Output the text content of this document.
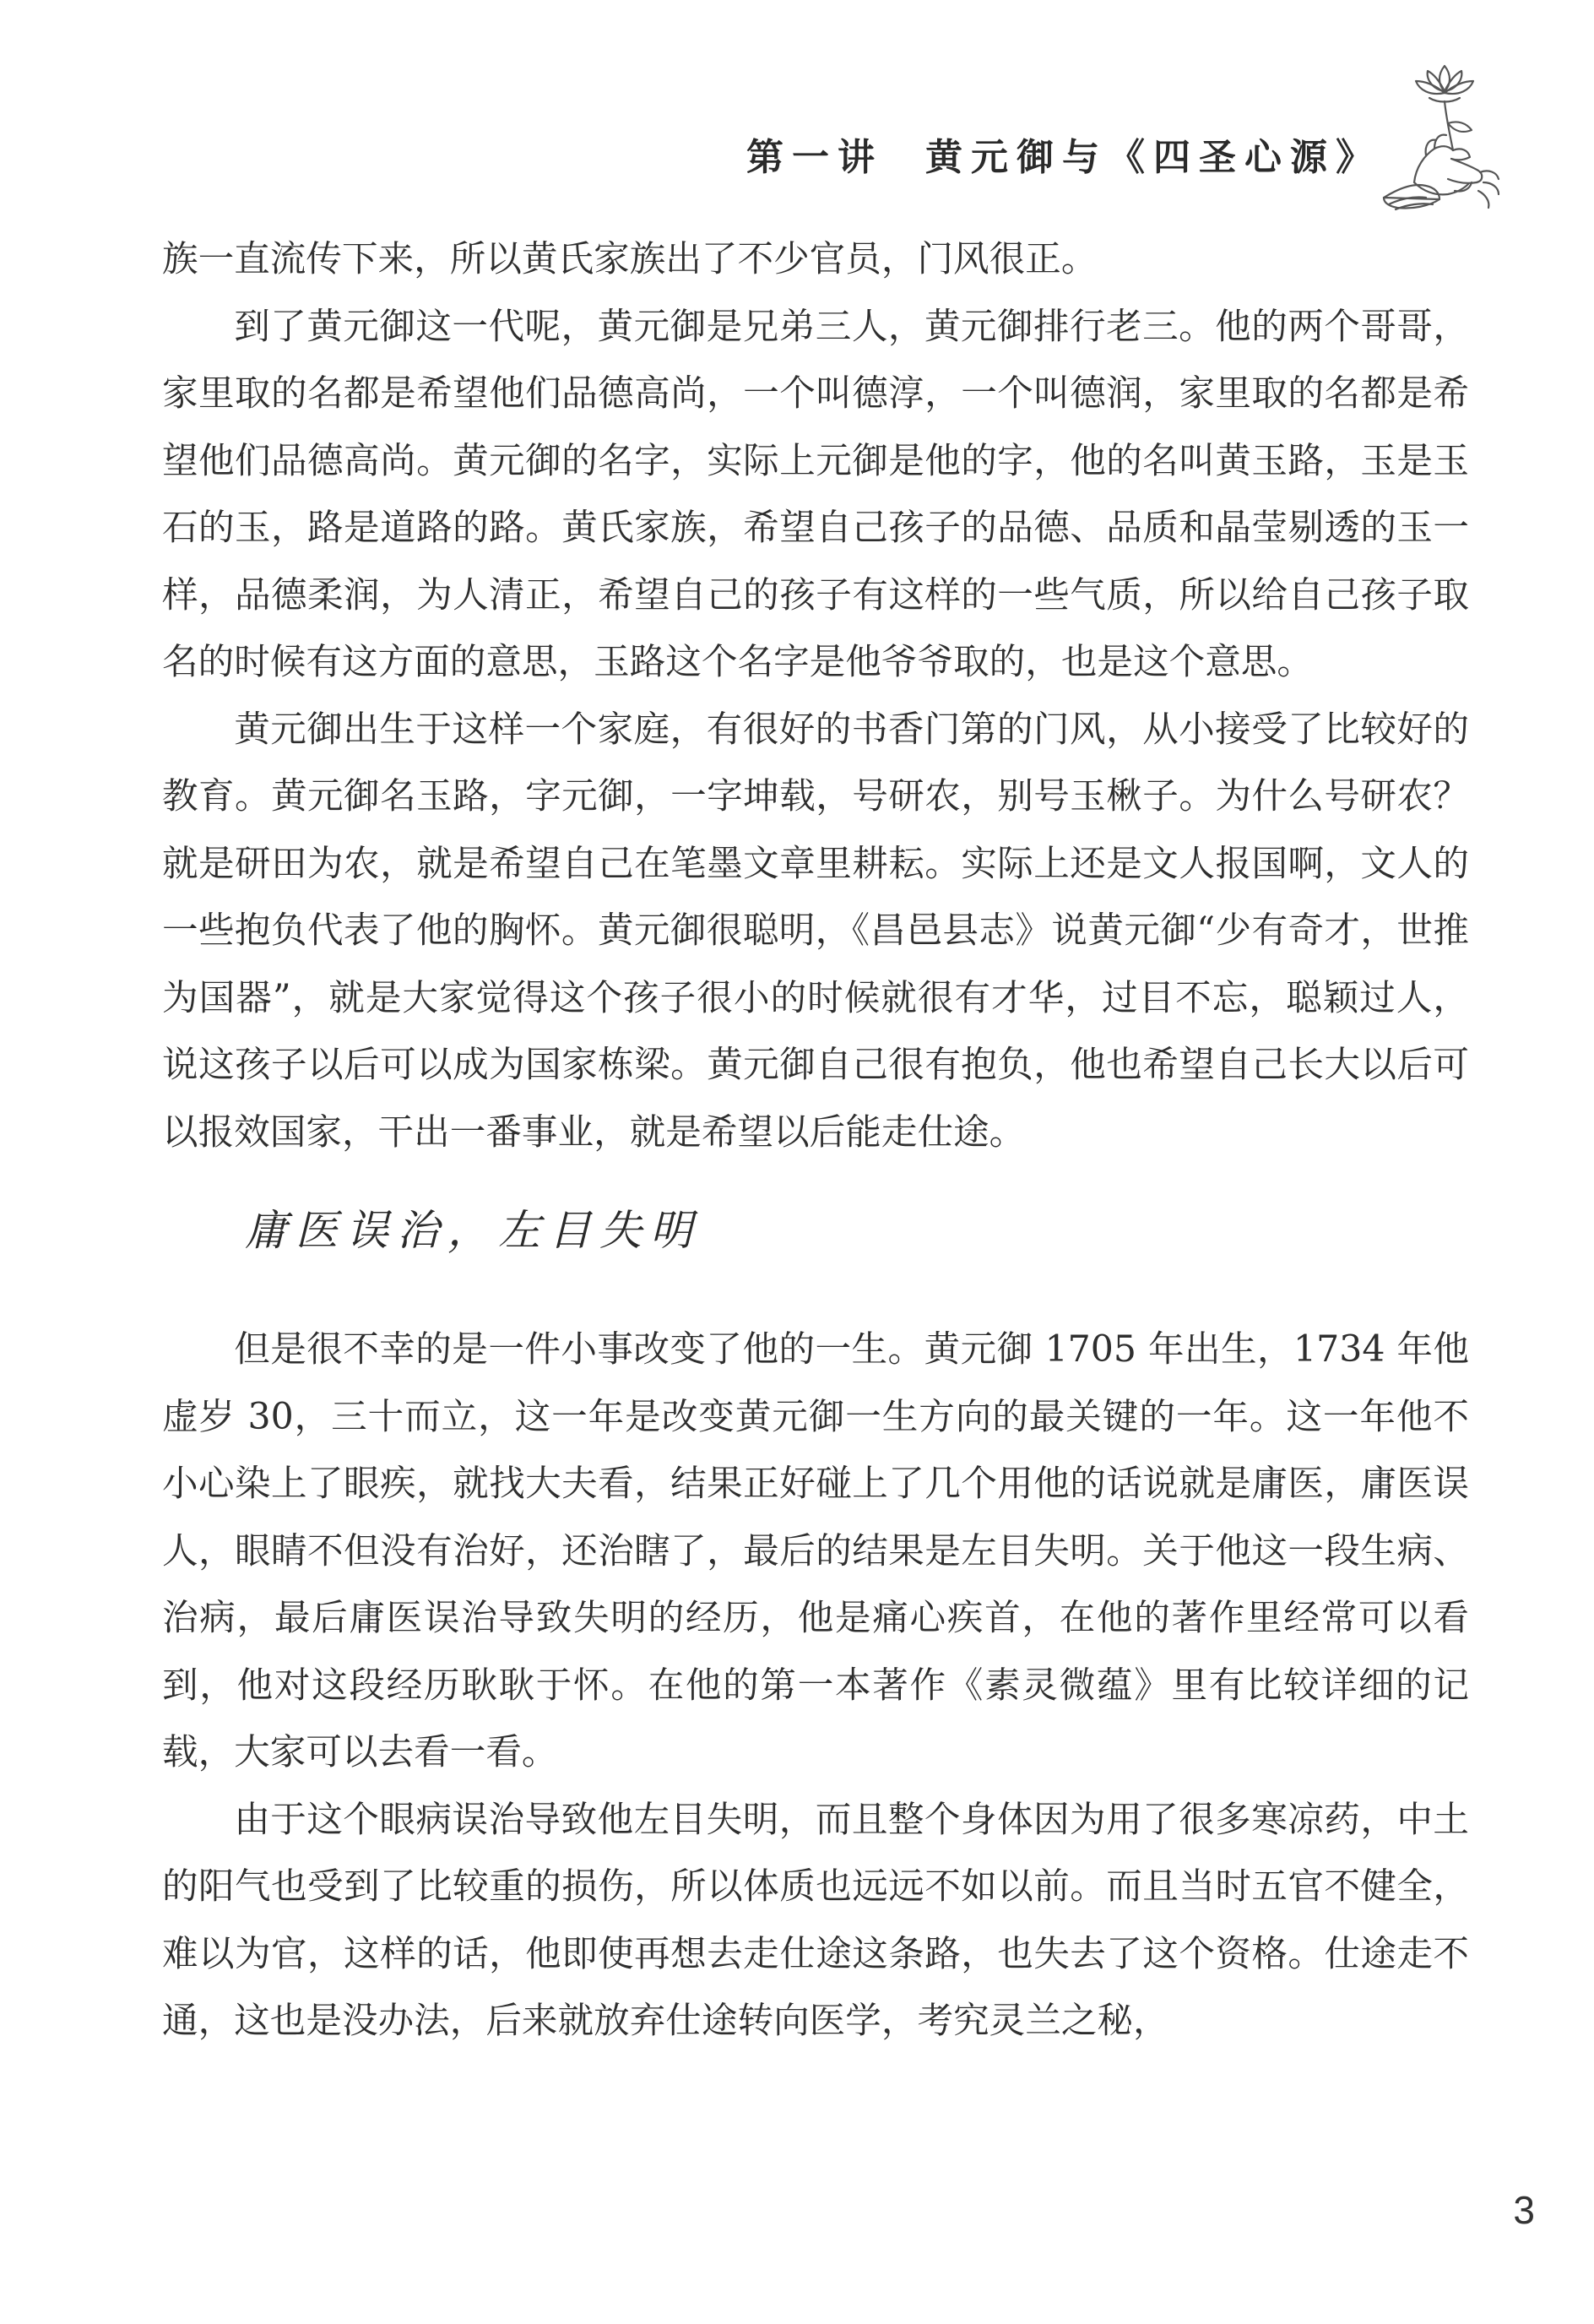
第一讲 黄元御与《四圣心源》

族一直流传下来，所以黄氏家族出了不少官员，门风很正。

到了黄元御这一代呢，黄元御是兄弟三人，黄元御排行老三。他的两个哥哥，家里取的名都是希望他们品德高尚，一个叫德淳，一个叫德润，家里取的名都是希望他们品德高尚。黄元御的名字，实际上元御是他的字，他的名叫黄玉路，玉是玉石的玉，路是道路的路。黄氏家族，希望自己孩子的品德、品质和晶莹剔透的玉一样，品德柔润，为人清正，希望自己的孩子有这样的一些气质，所以给自己孩子取名的时候有这方面的意思，玉路这个名字是他爷爷取的，也是这个意思。

黄元御出生于这样一个家庭，有很好的书香门第的门风，从小接受了比较好的教育。黄元御名玉路，字元御，一字坤载，号研农，别号玉楸子。为什么号研农？就是研田为农，就是希望自己在笔墨文章里耕耘。实际上还是文人报国啊，文人的一些抱负代表了他的胸怀。黄元御很聪明，《昌邑县志》说黄元御“少有奇才，世推为国器”，就是大家觉得这个孩子很小的时候就很有才华，过目不忘，聪颖过人，说这孩子以后可以成为国家栋梁。黄元御自己很有抱负，他也希望自己长大以后可以报效国家，干出一番事业，就是希望以后能走仕途。

庸医误治，左目失明

但是很不幸的是一件小事改变了他的一生。黄元御 1705 年出生，1734 年他虚岁 30，三十而立，这一年是改变黄元御一生方向的最关键的一年。这一年他不小心染上了眼疾，就找大夫看，结果正好碰上了几个用他的话说就是庸医，庸医误人，眼睛不但没有治好，还治瞎了，最后的结果是左目失明。关于他这一段生病、治病，最后庸医误治导致失明的经历，他是痛心疾首，在他的著作里经常可以看到，他对这段经历耿耿于怀。在他的第一本著作《素灵微蕴》里有比较详细的记载，大家可以去看一看。

由于这个眼病误治导致他左目失明，而且整个身体因为用了很多寒凉药，中土的阳气也受到了比较重的损伤，所以体质也远远不如以前。而且当时五官不健全，难以为官，这样的话，他即使再想去走仕途这条路，也失去了这个资格。仕途走不通，这也是没办法，后来就放弃仕途转向医学，考究灵兰之秘，

3
